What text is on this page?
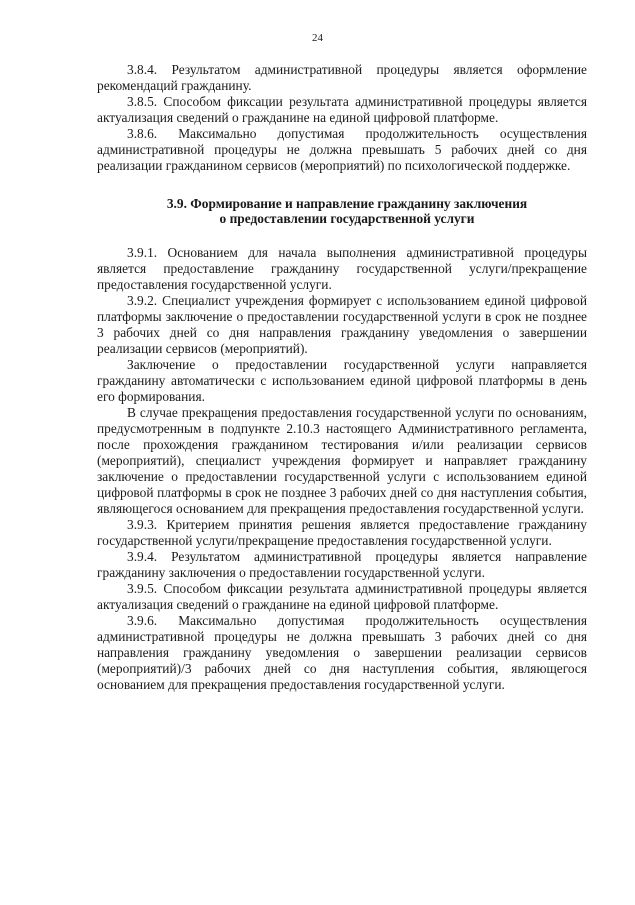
24

3.8.4. Результатом административной процедуры является оформление рекомендаций гражданину.

3.8.5. Способом фиксации результата административной процедуры является актуализация сведений о гражданине на единой цифровой платформе.

3.8.6. Максимально допустимая продолжительность осуществления административной процедуры не должна превышать 5 рабочих дней со дня реализации гражданином сервисов (мероприятий) по психологической поддержке.

3.9. Формирование и направление гражданину заключения

о предоставлении государственной услуги

3.9.1. Основанием для начала выполнения административной процедуры является предоставление гражданину государственной услуги/прекращение предоставления государственной услуги.

3.9.2. Специалист учреждения формирует с использованием единой цифровой платформы заключение о предоставлении государственной услуги в срок не позднее 3 рабочих дней со дня направления гражданину уведомления о завершении реализации сервисов (мероприятий).

Заключение о предоставлении государственной услуги направляется гражданину автоматически с использованием единой цифровой платформы в день его формирования.

В случае прекращения предоставления государственной услуги по основаниям, предусмотренным в подпункте 2.10.3 настоящего Административного регламента, после прохождения гражданином тестирования и/или реализации сервисов (мероприятий), специалист учреждения формирует и направляет гражданину заключение о предоставлении государственной услуги с использованием единой цифровой платформы в срок не позднее 3 рабочих дней со дня наступления события, являющегося основанием для прекращения предоставления государственной услуги.

3.9.3. Критерием принятия решения является предоставление гражданину государственной услуги/прекращение предоставления государственной услуги.

3.9.4. Результатом административной процедуры является направление гражданину заключения о предоставлении государственной услуги.

3.9.5. Способом фиксации результата административной процедуры является актуализация сведений о гражданине на единой цифровой платформе.

3.9.6. Максимально допустимая продолжительность осуществления административной процедуры не должна превышать 3 рабочих дней со дня направления гражданину уведомления о завершении реализации сервисов (мероприятий)/3 рабочих дней со дня наступления события, являющегося основанием для прекращения предоставления государственной услуги.
